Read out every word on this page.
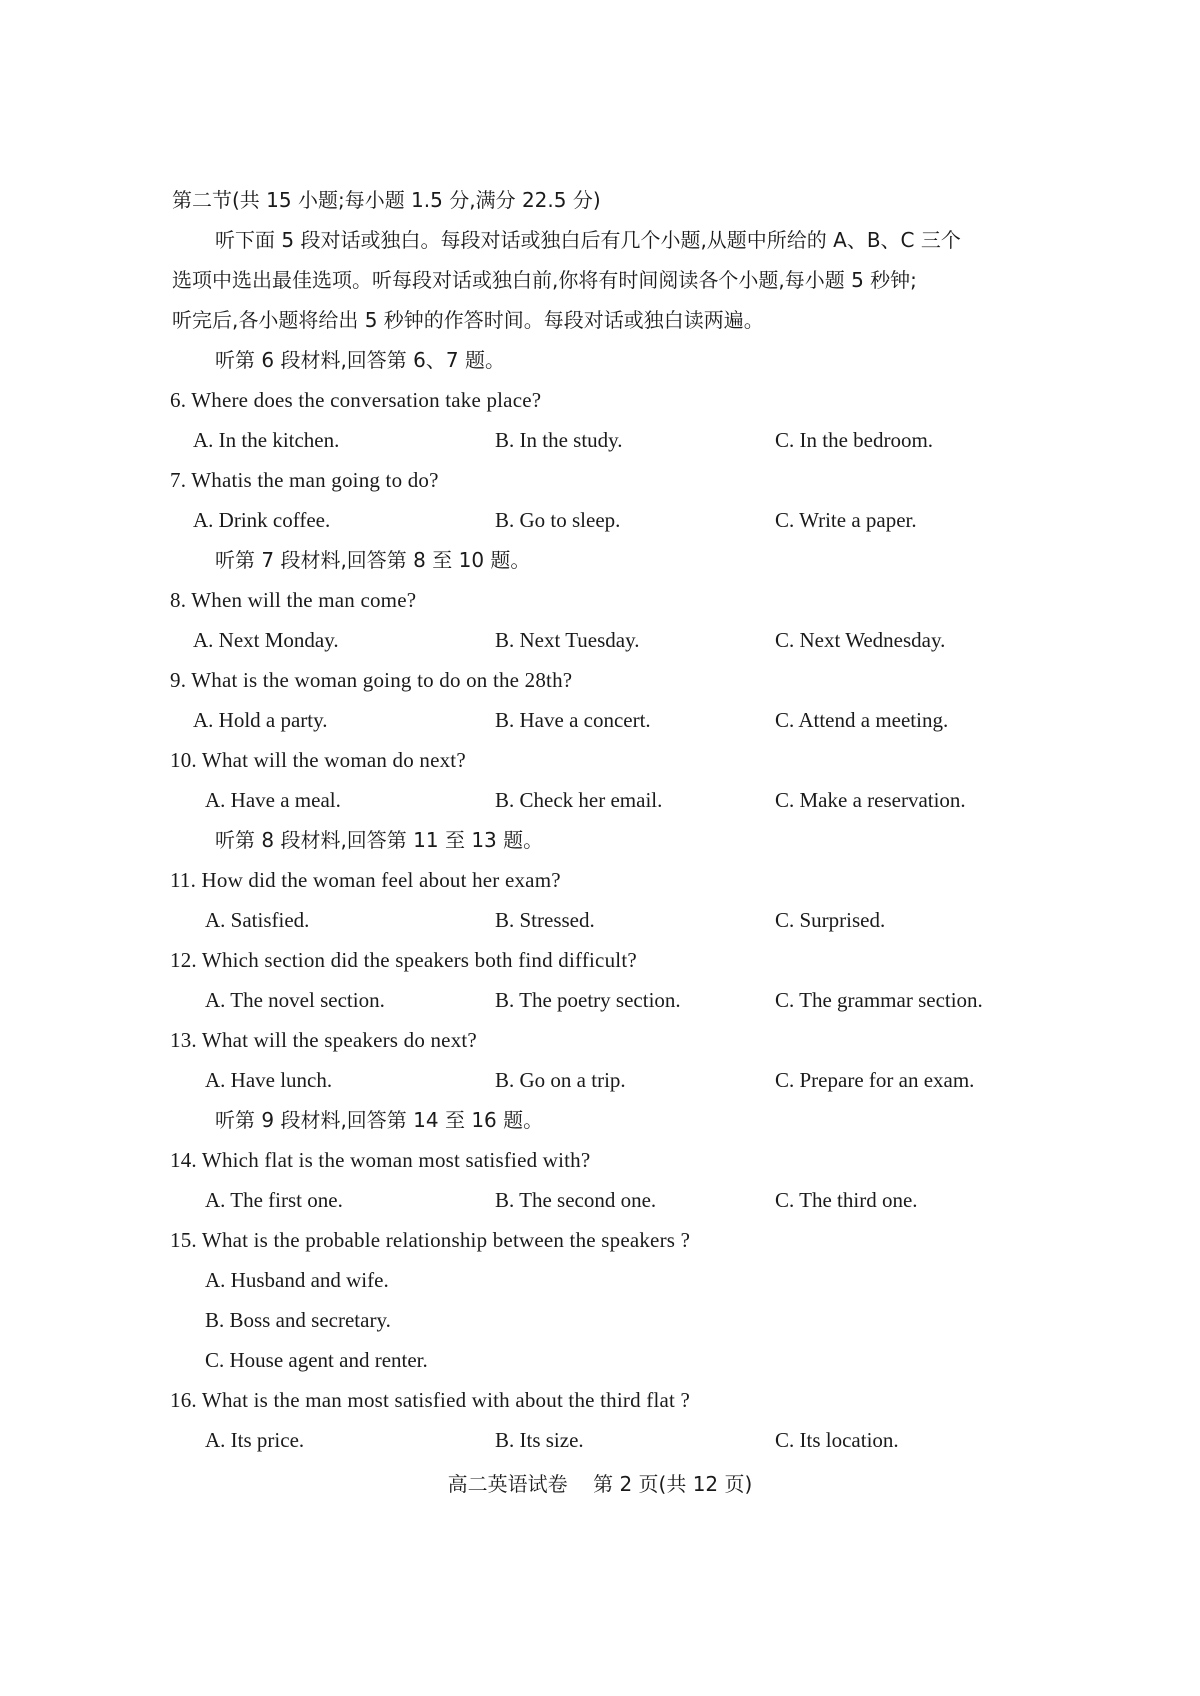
第二节(共 15 小题;每小题 1.5 分,满分 22.5 分)
听下面 5 段对话或独白。每段对话或独白后有几个小题,从题中所给的 A、B、C 三个
选项中选出最佳选项。听每段对话或独白前,你将有时间阅读各个小题,每小题 5 秒钟;
听完后,各小题将给出 5 秒钟的作答时间。每段对话或独白读两遍。
听第 6 段材料,回答第 6、7 题。
6. Where does the conversation take place?
A. In the kitchen.	B. In the study.	C. In the bedroom.
7. Whatis the man going to do?
A. Drink coffee.	B. Go to sleep.	C. Write a paper.
听第 7 段材料,回答第 8 至 10 题。
8. When will the man come?
A. Next Monday.	B. Next Tuesday.	C. Next Wednesday.
9. What is the woman going to do on the 28th?
A. Hold a party.	B. Have a concert.	C. Attend a meeting.
10. What will the woman do next?
A. Have a meal.	B. Check her email.	C. Make a reservation.
听第 8 段材料,回答第 11 至 13 题。
11. How did the woman feel about her exam?
A. Satisfied.	B. Stressed.	C. Surprised.
12. Which section did the speakers both find difficult?
A. The novel section.	B. The poetry section.	C. The grammar section.
13. What will the speakers do next?
A. Have lunch.	B. Go on a trip.	C. Prepare for an exam.
听第 9 段材料,回答第 14 至 16 题。
14. Which flat is the woman most satisfied with?
A. The first one.	B. The second one.	C. The third one.
15. What is the probable relationship between the speakers ?
A. Husband and wife.
B. Boss and secretary.
C. House agent and renter.
16. What is the man most satisfied with about the third flat ?
A. Its price.	B. Its size.	C. Its location.
高二英语试卷    第 2 页(共 12 页)
